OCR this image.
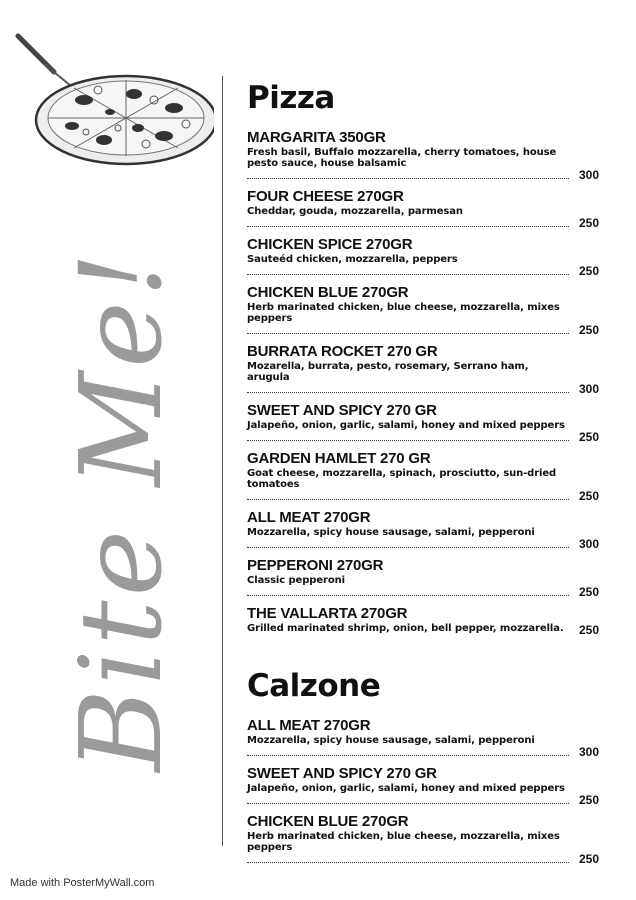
Bite Me!
Pizza
MARGARITA 350GR
Fresh basil, Buffalo mozzarella, cherry tomatoes, house pesto sauce, house balsamic
300
FOUR CHEESE 270GR
Cheddar, gouda, mozzarella, parmesan
250
CHICKEN SPICE 270GR
Sauteéd chicken, mozzarella, peppers
250
CHICKEN BLUE 270GR
Herb marinated chicken, blue cheese, mozzarella, mixes peppers
250
BURRATA ROCKET 270 GR
Mozarella, burrata, pesto, rosemary, Serrano ham, arugula
300
SWEET AND SPICY 270 GR
Jalapeño, onion, garlic, salami, honey and mixed peppers
250
GARDEN HAMLET 270 GR
Goat cheese, mozzarella, spinach, prosciutto, sun-dried tomatoes
250
ALL MEAT 270GR
Mozzarella, spicy house sausage, salami, pepperoni
300
PEPPERONI 270GR
Classic pepperoni
250
THE VALLARTA 270GR
Grilled marinated shrimp, onion, bell pepper, mozzarella.	250
Calzone
ALL MEAT 270GR
Mozzarella, spicy house sausage, salami, pepperoni
300
SWEET AND SPICY 270 GR
Jalapeño, onion, garlic, salami, honey and mixed peppers
250
CHICKEN BLUE 270GR
Herb marinated chicken, blue cheese, mozzarella, mixes peppers
250
Made with PosterMyWall.com
